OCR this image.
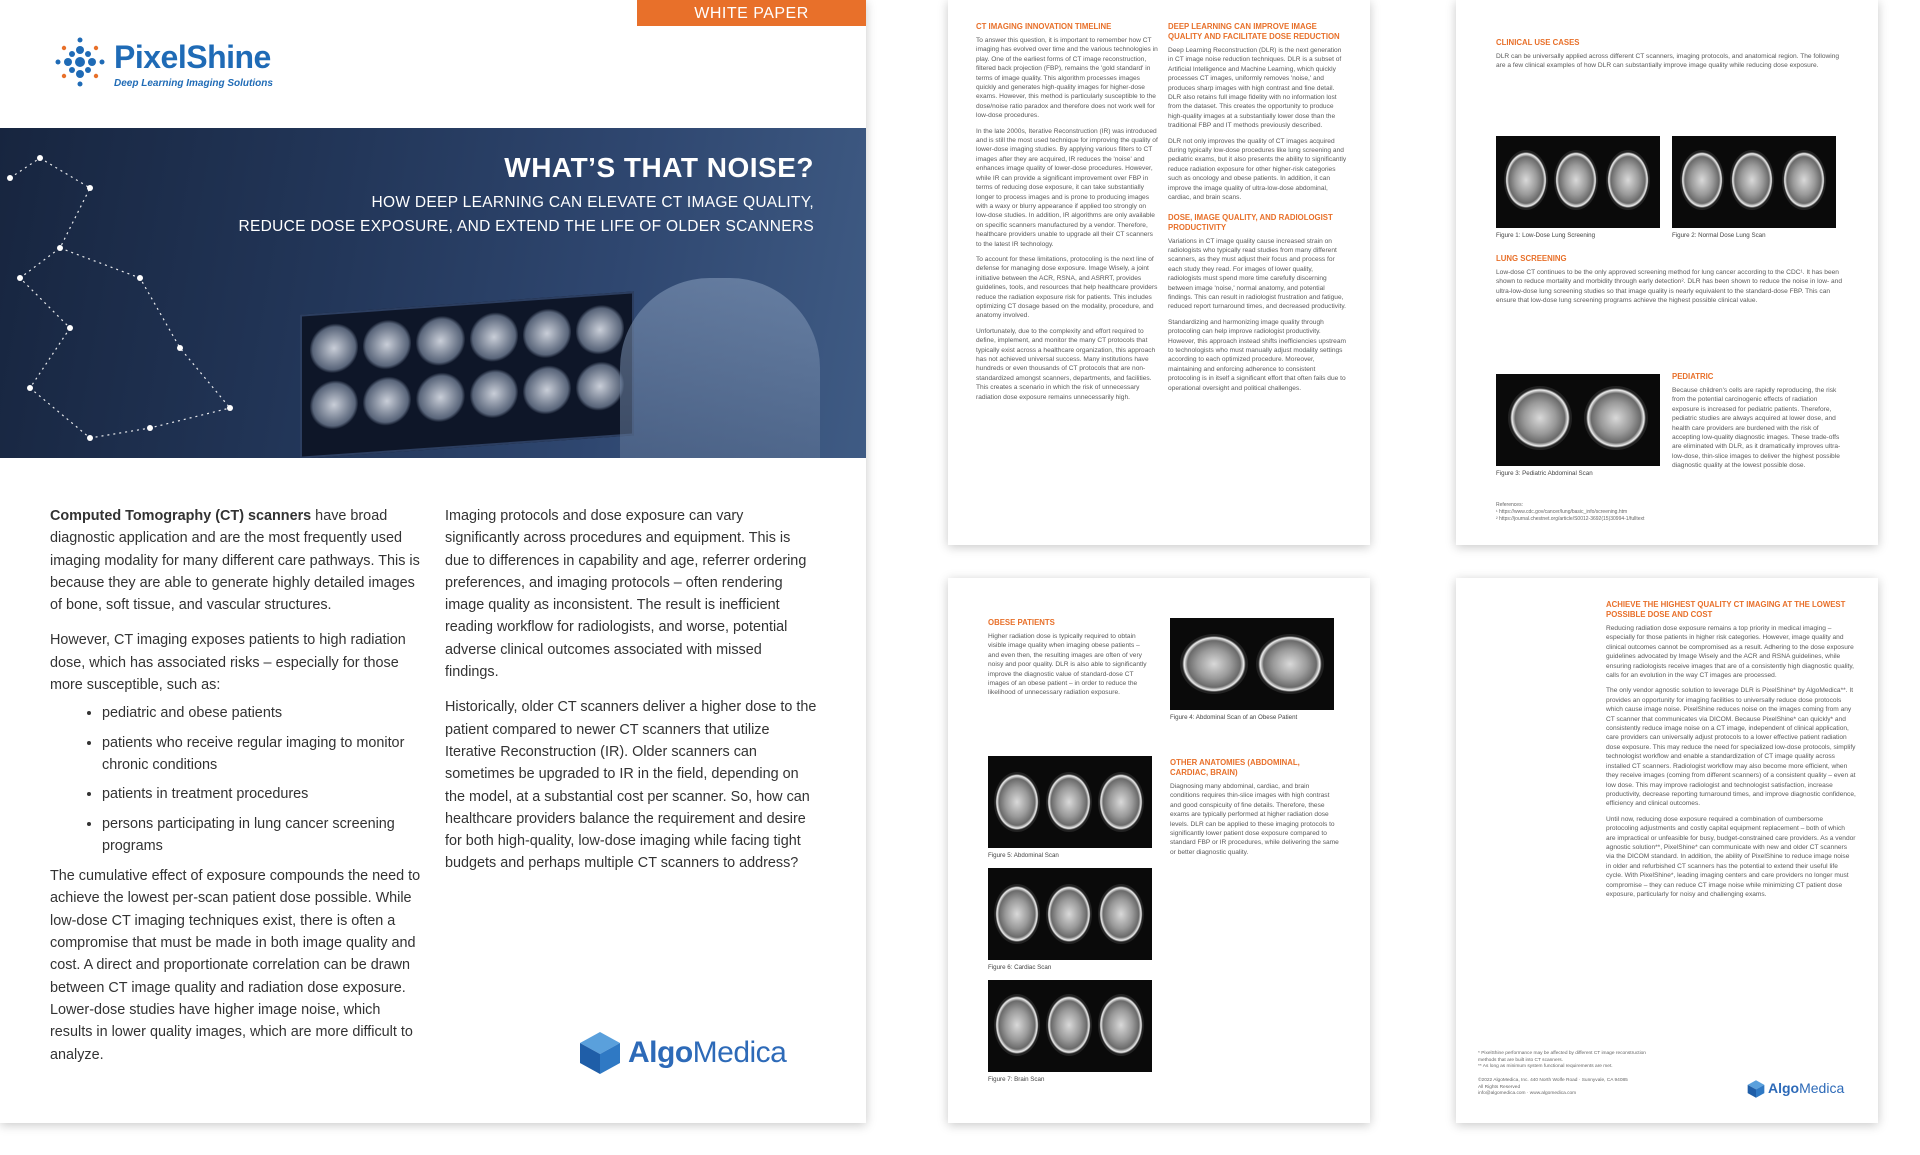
WHITE PAPER
PixelShine
Deep Learning Imaging Solutions
WHAT’S THAT NOISE?
HOW DEEP LEARNING CAN ELEVATE CT IMAGE QUALITY,
REDUCE DOSE EXPOSURE, AND EXTEND THE LIFE OF OLDER SCANNERS

Computed Tomography (CT) scanners have broad diagnostic application and are the most frequently used imaging modality for many different care pathways. This is because they are able to generate highly detailed images of bone, soft tissue, and vascular structures.

However, CT imaging exposes patients to high radiation dose, which has associated risks – especially for those more susceptible, such as:

• pediatric and obese patients
• patients who receive regular imaging to monitor chronic conditions
• patients in treatment procedures
• persons participating in lung cancer screening programs

The cumulative effect of exposure compounds the need to achieve the lowest per-scan patient dose possible. While low-dose CT imaging techniques exist, there is often a compromise that must be made in both image quality and cost. A direct and proportionate correlation can be drawn between CT image quality and radiation dose exposure. Lower-dose studies have higher image noise, which results in lower quality images, which are more difficult to analyze.

Imaging protocols and dose exposure can vary significantly across procedures and equipment. This is due to differences in capability and age, referrer ordering preferences, and imaging protocols – often rendering image quality as inconsistent. The result is inefficient reading workflow for radiologists, and worse, potential adverse clinical outcomes associated with missed findings.

Historically, older CT scanners deliver a higher dose to the patient compared to newer CT scanners that utilize Iterative Reconstruction (IR). Older scanners can sometimes be upgraded to IR in the field, depending on the model, at a substantial cost per scanner. So, how can healthcare providers balance the requirement and desire for both high-quality, low-dose imaging while facing tight budgets and perhaps multiple CT scanners to address?

AlgoMedica
CT IMAGING INNOVATION TIMELINE

To answer this question, it is important to remember how CT imaging has evolved over time and the various technologies in play. One of the earliest forms of CT image reconstruction, filtered back projection (FBP), remains the 'gold standard' in terms of image quality. This algorithm processes images quickly and generates high-quality images for higher-dose exams. However, this method is particularly susceptible to the dose/noise ratio paradox and therefore does not work well for low-dose procedures.

In the late 2000s, Iterative Reconstruction (IR) was introduced and is still the most used technique for improving the quality of lower-dose imaging studies. By applying various filters to CT images after they are acquired, IR reduces the 'noise' and enhances image quality of lower-dose procedures. However, while IR can provide a significant improvement over FBP in terms of reducing dose exposure, it can take substantially longer to process images and is prone to producing images with a waxy or blurry appearance if applied too strongly on low-dose studies. In addition, IR algorithms are only available on specific scanners manufactured by a vendor. Therefore, healthcare providers unable to upgrade all their CT scanners to the latest IR technology.

To account for these limitations, protocoling is the next line of defense for managing dose exposure. Image Wisely, a joint initiative between the ACR, RSNA, and ASRRT, provides guidelines, tools, and resources that help healthcare providers reduce the radiation exposure risk for patients. This includes optimizing CT dosage based on the modality, procedure, and anatomy involved.

Unfortunately, due to the complexity and effort required to define, implement, and monitor the many CT protocols that typically exist across a healthcare organization, this approach has not achieved universal success. Many institutions have hundreds or even thousands of CT protocols that are non-standardized amongst scanners, departments, and facilities. This creates a scenario in which the risk of unnecessary radiation dose exposure remains unnecessarily high.

DEEP LEARNING CAN IMPROVE IMAGE QUALITY AND FACILITATE DOSE REDUCTION

Deep Learning Reconstruction (DLR) is the next generation in CT image noise reduction techniques. DLR is a subset of Artificial Intelligence and Machine Learning, which quickly processes CT images, uniformly removes 'noise,' and produces sharp images with high contrast and fine detail. DLR also retains full image fidelity with no information lost from the dataset. This creates the opportunity to produce high-quality images at a substantially lower dose than the traditional FBP and IT methods previously described.

DLR not only improves the quality of CT images acquired during typically low-dose procedures like lung screening and pediatric exams, but it also presents the ability to significantly reduce radiation exposure for other higher-risk categories such as oncology and obese patients. In addition, it can improve the image quality of ultra-low-dose abdominal, cardiac, and brain scans.

DOSE, IMAGE QUALITY, AND RADIOLOGIST PRODUCTIVITY

Variations in CT image quality cause increased strain on radiologists who typically read studies from many different scanners, as they must adjust their focus and process for each study they read. For images of lower quality, radiologists must spend more time carefully discerning between image 'noise,' normal anatomy, and potential findings. This can result in radiologist frustration and fatigue, reduced report turnaround times, and decreased productivity.

Standardizing and harmonizing image quality through protocoling can help improve radiologist productivity. However, this approach instead shifts inefficiencies upstream to technologists who must manually adjust modality settings according to each optimized procedure. Moreover, maintaining and enforcing adherence to consistent protocoling is in itself a significant effort that often fails due to operational oversight and political challenges.

CLINICAL USE CASES

DLR can be universally applied across different CT scanners, imaging protocols, and anatomical region. The following are a few clinical examples of how DLR can substantially improve image quality while reducing dose exposure.

Figure 1: Low-Dose Lung Screening	Figure 2: Normal Dose Lung Scan
LUNG SCREENING

Low-dose CT continues to be the only approved screening method for lung cancer according to the CDC¹. It has been shown to reduce mortality and morbidity through early detection². DLR has been shown to reduce the noise in low- and ultra-low-dose lung screening studies so that image quality is nearly equivalent to the standard-dose FBP. This can ensure that low-dose lung screening programs achieve the highest possible clinical value.

Figure 3: Pediatric Abdominal Scan
PEDIATRIC

Because children's cells are rapidly reproducing, the risk from the potential carcinogenic effects of radiation exposure is increased for pediatric patients. Therefore, pediatric studies are always acquired at lower dose, and health care providers are burdened with the risk of accepting low-quality diagnostic images. These trade-offs are eliminated with DLR, as it dramatically improves ultra-low-dose, thin-slice images to deliver the highest possible diagnostic quality at the lowest possible dose.

References:
¹ https://www.cdc.gov/cancer/lung/basic_info/screening.htm
² https://journal.chestnet.org/article/S0012-3692(15)30994-1/fulltext
OBESE PATIENTS

Higher radiation dose is typically required to obtain visible image quality when imaging obese patients – and even then, the resulting images are often of very noisy and poor quality. DLR is also able to significantly improve the diagnostic value of standard-dose CT images of an obese patient – in order to reduce the likelihood of unnecessary radiation exposure.

Figure 4: Abdominal Scan of an Obese Patient
Figure 5: Abdominal Scan
OTHER ANATOMIES (ABDOMINAL, CARDIAC, BRAIN)

Diagnosing many abdominal, cardiac, and brain conditions requires thin-slice images with high contrast and good conspicuity of fine details. Therefore, these exams are typically performed at higher radiation dose levels. DLR can be applied to these imaging protocols to significantly lower patient dose exposure compared to standard FBP or IR procedures, while delivering the same or better diagnostic quality.

Figure 6: Cardiac Scan
Figure 7: Brain Scan
ACHIEVE THE HIGHEST QUALITY CT IMAGING AT THE LOWEST POSSIBLE DOSE AND COST

Reducing radiation dose exposure remains a top priority in medical imaging – especially for those patients in higher risk categories. However, image quality and clinical outcomes cannot be compromised as a result. Adhering to the dose exposure guidelines advocated by Image Wisely and the ACR and RSNA guidelines, while ensuring radiologists receive images that are of a consistently high diagnostic quality, calls for an evolution in the way CT images are processed.

The only vendor agnostic solution to leverage DLR is PixelShine* by AlgoMedica**. It provides an opportunity for imaging facilities to universally reduce dose protocols which cause image noise. PixelShine reduces noise on the images coming from any CT scanner that communicates via DICOM. Because PixelShine* can quickly* and consistently reduce image noise on a CT image, independent of clinical application, care providers can universally adjust protocols to a lower effective patient radiation dose exposure. This may reduce the need for specialized low-dose protocols, simplify technologist workflow and enable a standardization of CT image quality across installed CT scanners. Radiologist workflow may also become more efficient, when they receive images (coming from different scanners) of a consistent quality – even at low dose. This may improve radiologist and technologist satisfaction, increase productivity, decrease reporting turnaround times, and improve diagnostic confidence, efficiency and clinical outcomes.

Until now, reducing dose exposure required a combination of cumbersome protocoling adjustments and costly capital equipment replacement – both of which are impractical or unfeasible for busy, budget-constrained care providers. As a vendor agnostic solution**, PixelShine* can communicate with new and older CT scanners via the DICOM standard. In addition, the ability of PixelShine to reduce image noise in older and refurbished CT scanners has the potential to extend their useful life cycle. With PixelShine*, leading imaging centers and care providers no longer must compromise – they can reduce CT image noise while minimizing CT patient dose exposure, particularly for noisy and challenging exams.

* PixelShine performance may be affected by different CT image reconstruction methods that are built into CT scanners.
** As long as minimum system functional requirements are met.
©2022 AlgoMedica, Inc. 440 North Wolfe Road · Sunnyvale, CA 94085
All Rights Reserved
info@algomedica.com · www.algomedica.com	AlgoMedica
